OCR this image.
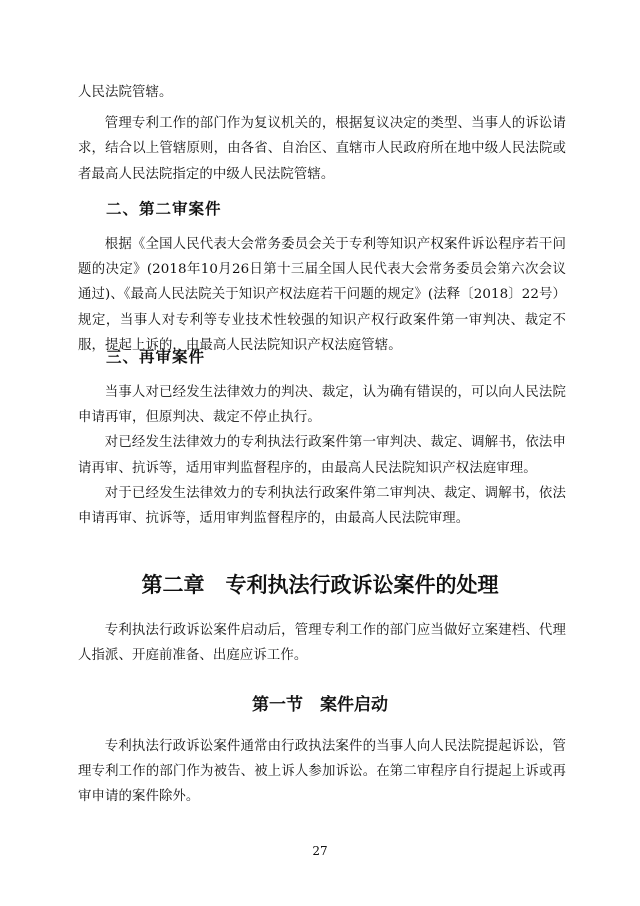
人民法院管辖。

管理专利工作的部门作为复议机关的，根据复议决定的类型、当事人的诉讼请求，结合以上管辖原则，由各省、自治区、直辖市人民政府所在地中级人民法院或者最高人民法院指定的中级人民法院管辖。

二、第二审案件

根据《全国人民代表大会常务委员会关于专利等知识产权案件诉讼程序若干问题的决定》(2018年10月26日第十三届全国人民代表大会常务委员会第六次会议通过)、《最高人民法院关于知识产权法庭若干问题的规定》(法释〔2018〕22号）规定，当事人对专利等专业技术性较强的知识产权行政案件第一审判决、裁定不服，提起上诉的，由最高人民法院知识产权法庭管辖。

三、再审案件

当事人对已经发生法律效力的判决、裁定，认为确有错误的，可以向人民法院申请再审，但原判决、裁定不停止执行。

对已经发生法律效力的专利执法行政案件第一审判决、裁定、调解书，依法申请再审、抗诉等，适用审判监督程序的，由最高人民法院知识产权法庭审理。

对于已经发生法律效力的专利执法行政案件第二审判决、裁定、调解书，依法申请再审、抗诉等，适用审判监督程序的，由最高人民法院审理。

第二章　专利执法行政诉讼案件的处理

专利执法行政诉讼案件启动后，管理专利工作的部门应当做好立案建档、代理人指派、开庭前准备、出庭应诉工作。

第一节　案件启动

专利执法行政诉讼案件通常由行政执法案件的当事人向人民法院提起诉讼，管理专利工作的部门作为被告、被上诉人参加诉讼。在第二审程序自行提起上诉或再审申请的案件除外。

27
